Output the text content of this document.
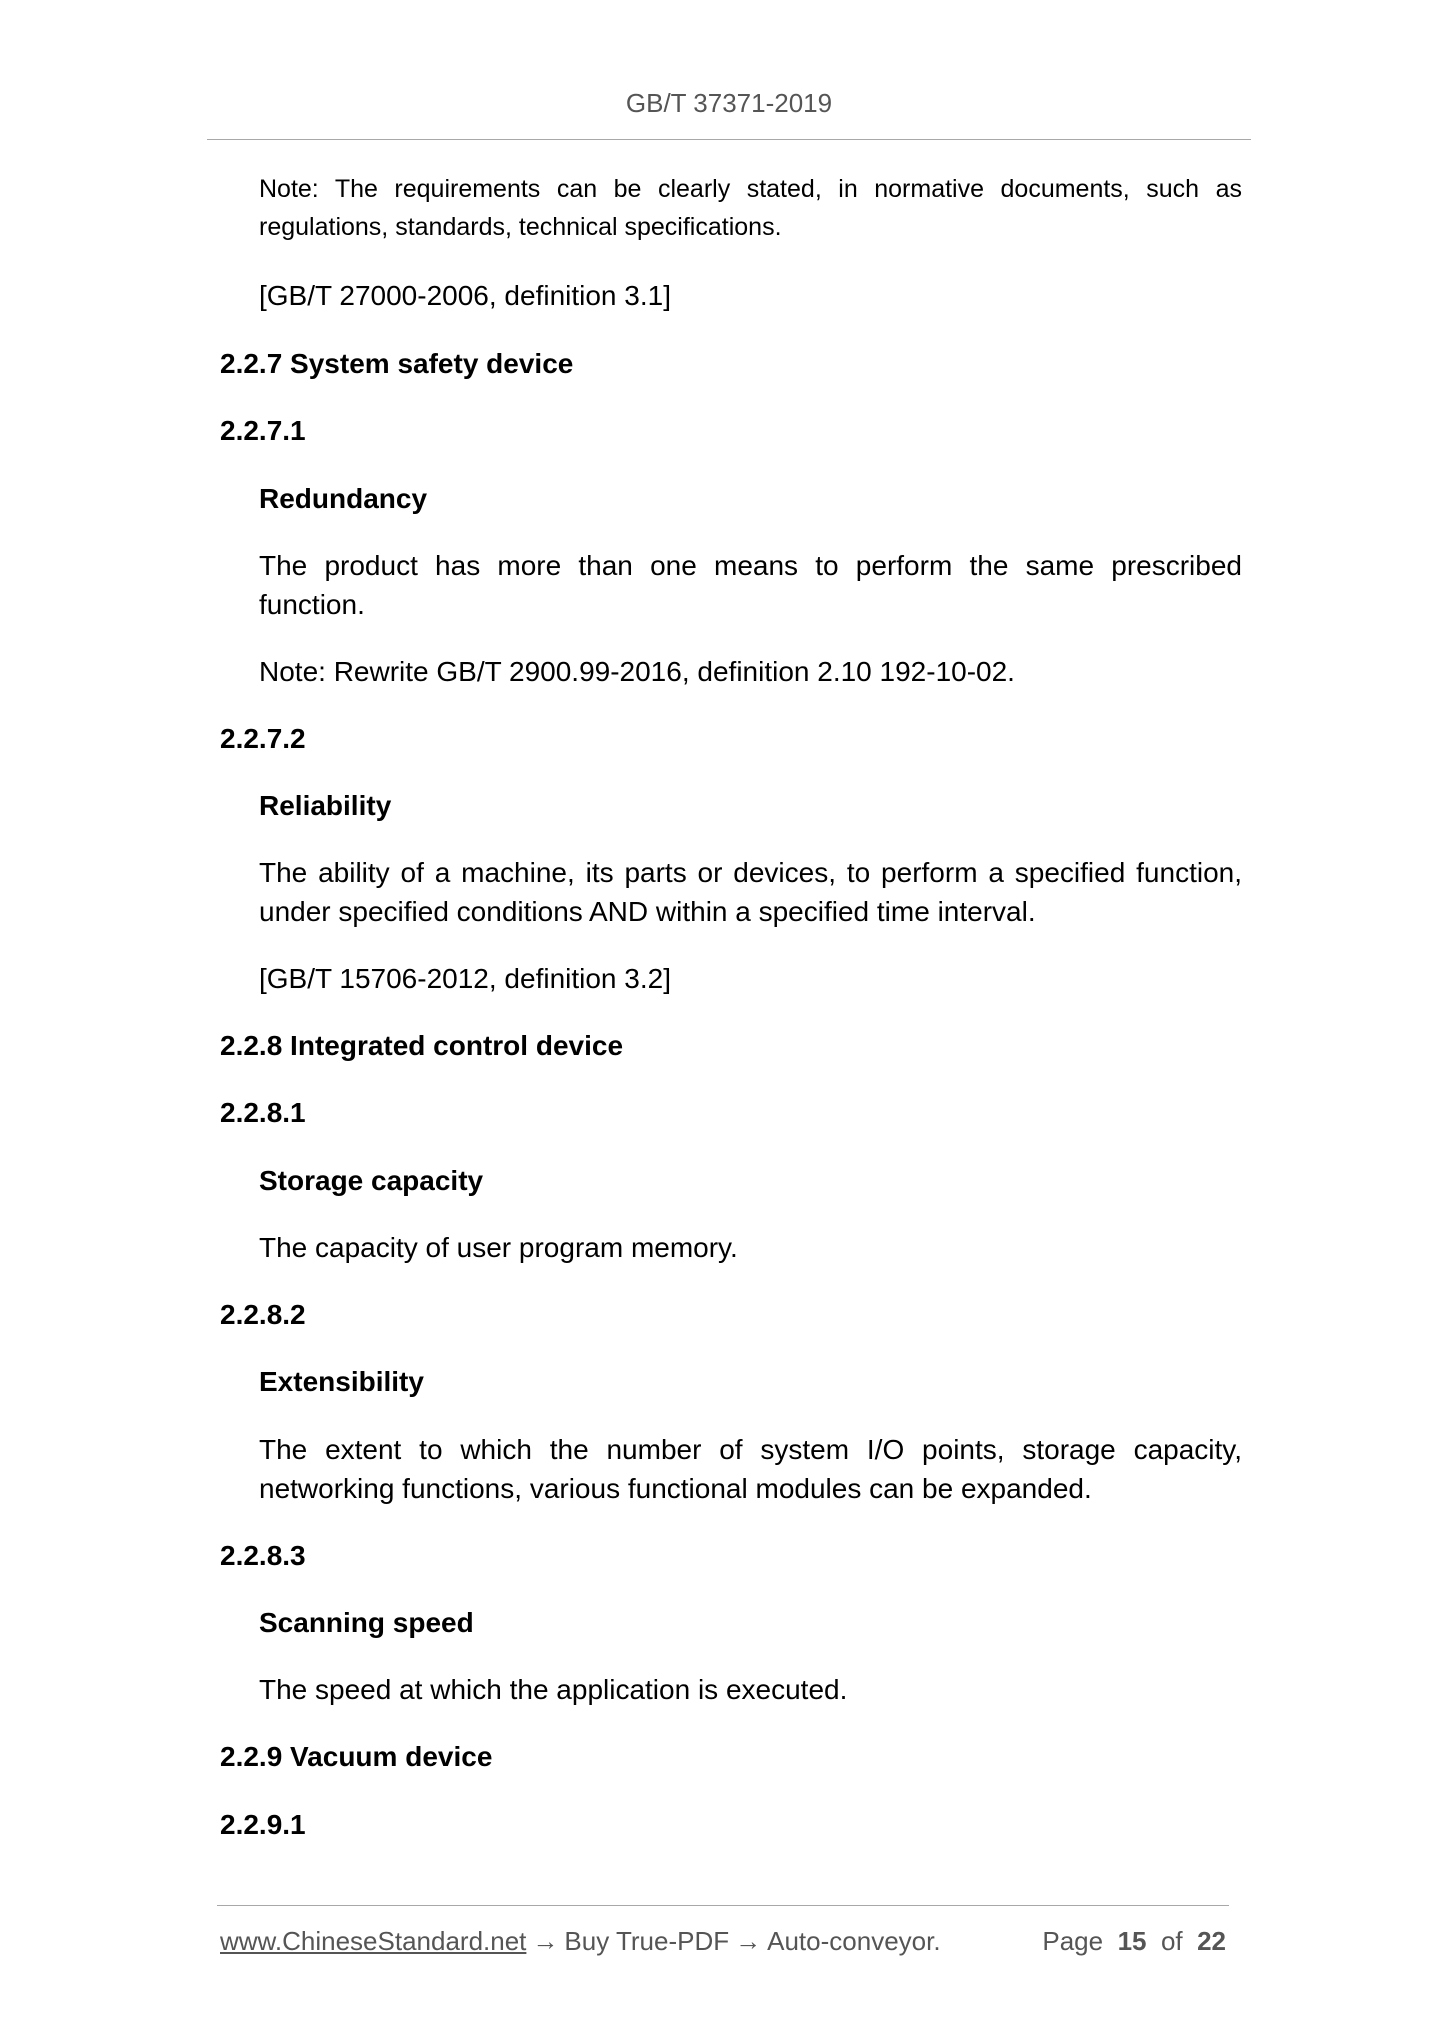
GB/T 37371-2019
Note: The requirements can be clearly stated, in normative documents, such as regulations, standards, technical specifications.
[GB/T 27000-2006, definition 3.1]
2.2.7 System safety device
2.2.7.1
Redundancy
The product has more than one means to perform the same prescribed function.
Note: Rewrite GB/T 2900.99-2016, definition 2.10 192-10-02.
2.2.7.2
Reliability
The ability of a machine, its parts or devices, to perform a specified function, under specified conditions AND within a specified time interval.
[GB/T 15706-2012, definition 3.2]
2.2.8 Integrated control device
2.2.8.1
Storage capacity
The capacity of user program memory.
2.2.8.2
Extensibility
The extent to which the number of system I/O points, storage capacity, networking functions, various functional modules can be expanded.
2.2.8.3
Scanning speed
The speed at which the application is executed.
2.2.9 Vacuum device
2.2.9.1
www.ChineseStandard.net → Buy True-PDF → Auto-conveyor.	Page 15 of 22
